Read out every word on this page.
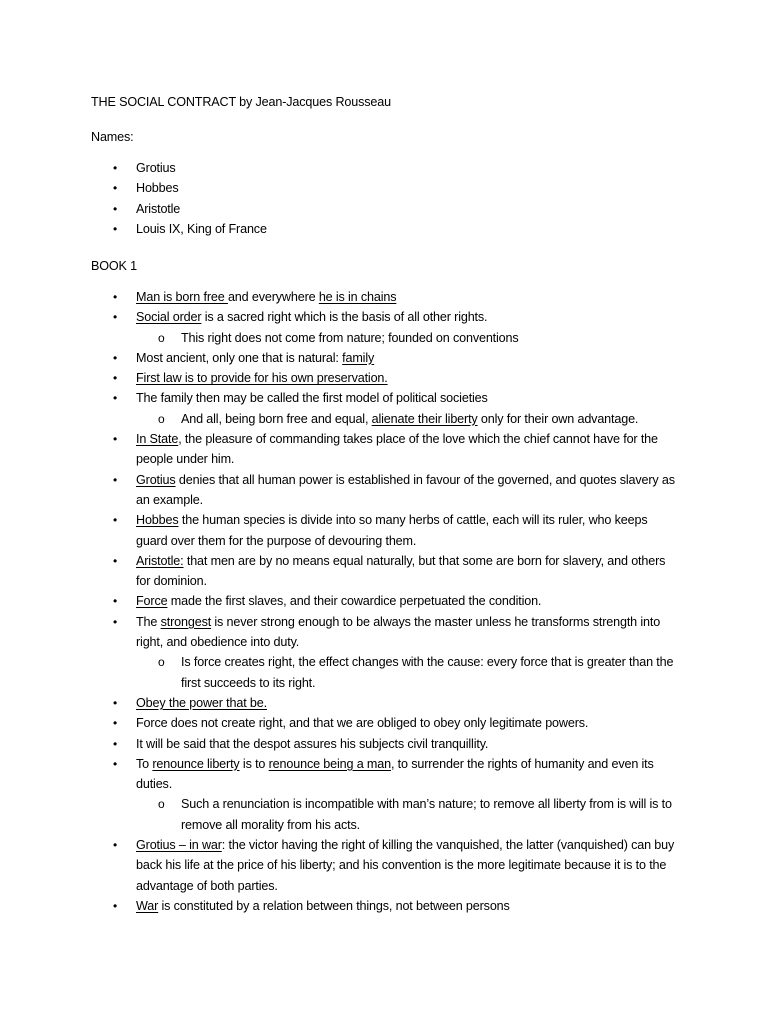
THE SOCIAL CONTRACT by Jean-Jacques Rousseau
Names:
• Grotius
• Hobbes
• Aristotle
• Louis IX, King of France
BOOK 1
• Man is born free and everywhere he is in chains
• Social order is a sacred right which is the basis of all other rights.
o This right does not come from nature; founded on conventions
• Most ancient, only one that is natural: family
• First law is to provide for his own preservation.
• The family then may be called the first model of political societies
o And all, being born free and equal, alienate their liberty only for their own advantage.
• In State, the pleasure of commanding takes place of the love which the chief cannot have for the people under him.
• Grotius denies that all human power is established in favour of the governed, and quotes slavery as an example.
• Hobbes the human species is divide into so many herbs of cattle, each will its ruler, who keeps guard over them for the purpose of devouring them.
• Aristotle: that men are by no means equal naturally, but that some are born for slavery, and others for dominion.
• Force made the first slaves, and their cowardice perpetuated the condition.
• The strongest is never strong enough to be always the master unless he transforms strength into right, and obedience into duty.
o Is force creates right, the effect changes with the cause: every force that is greater than the first succeeds to its right.
• Obey the power that be.
• Force does not create right, and that we are obliged to obey only legitimate powers.
• It will be said that the despot assures his subjects civil tranquillity.
• To renounce liberty is to renounce being a man, to surrender the rights of humanity and even its duties.
o Such a renunciation is incompatible with man’s nature; to remove all liberty from is will is to remove all morality from his acts.
• Grotius – in war: the victor having the right of killing the vanquished, the latter (vanquished) can buy back his life at the price of his liberty; and his convention is the more legitimate because it is to the advantage of both parties.
• War is constituted by a relation between things, not between persons
